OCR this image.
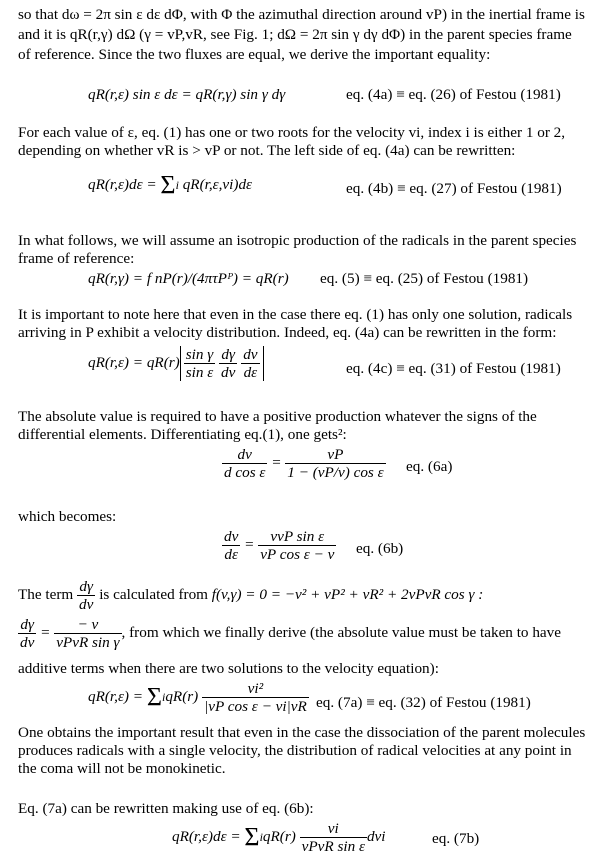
so that dω = 2π sin ε dε dΦ, with Φ the azimuthal direction around vP) in the inertial frame is
and it is qR(r,γ) dΩ (γ = vP,vR, see Fig. 1; dΩ = 2π sin γ dγ dΦ) in the parent species frame
of reference. Since the two fluxes are equal, we derive the important equality:
qR(r,ε) sin ε dε = qR(r,γ) sin γ dγ	eq. (4a) ≡ eq. (26) of Festou (1981)
For each value of ε, eq. (1) has one or two roots for the velocity vi, index i is either 1 or 2,
depending on whether vR is > vP or not. The left side of eq. (4a) can be rewritten:
qR(r,ε)dε = Σi qR(r,ε,vi)dε	eq. (4b) ≡ eq. (27) of Festou (1981)
In what follows, we will assume an isotropic production of the radicals in the parent species
frame of reference:
qR(r,γ) = f nP(r)/(4πτPᴾ) = qR(r) eq. (5) ≡ eq. (25) of Festou (1981)
It is important to note here that even in the case there eq. (1) has only one solution, radicals
arriving in P exhibit a velocity distribution. Indeed, eq. (4a) can be rewritten in the form:
$qR(r,\varepsilon) = qR(r) \frac{\text{sin γ}}{\text{sin ε}}$
$\frac{d\gamma}{dv}$
$\frac{dv}{d\varepsilon}$	eq. (4c) ≡ eq. (31) of Festou (1981)
The absolute value is required to have a positive production whatever the signs of the
differential elements. Differentiating eq.(1), one gets²:
$\frac{dv}{\text{d cos ε}} = \frac{vP}{\text{1 − (vP/v) cos ε}}$ eq. (6a)
which becomes:
$\frac{dv}{d\varepsilon} = \frac{\text{vvP sin ε}}{\text{vP cos ε − v}}$ eq. (6b)
The term $\frac{d\gamma}{dv}$ is calculated from f(v,γ) = 0 = −v² + vP² + vR² + 2vPvR cos γ :
$\frac{d\gamma}{dv} = \frac{- v}{\text{vPvR sin γ}}$ , from which we finally derive (the absolute value must be taken to have
additive terms when there are two solutions to the velocity equation):
$qR(r,\varepsilon) = \Sigma iqR(r) \frac{\text{vi²}}{\text{|vP cos ε − vi|vR}}$ eq. (7a) ≡ eq. (32) of Festou (1981)
One obtains the important result that even in the case the dissociation of the parent molecules
produces radicals with a single velocity, the distribution of radical velocities at any point in
the coma will not be monokinetic.
Eq. (7a) can be rewritten making use of eq. (6b):
$qR(r,\varepsilon)d\varepsilon = \Sigma iqR(r) \frac{vi}{\text{vPvR sin ε}}$ dvi	eq. (7b)
